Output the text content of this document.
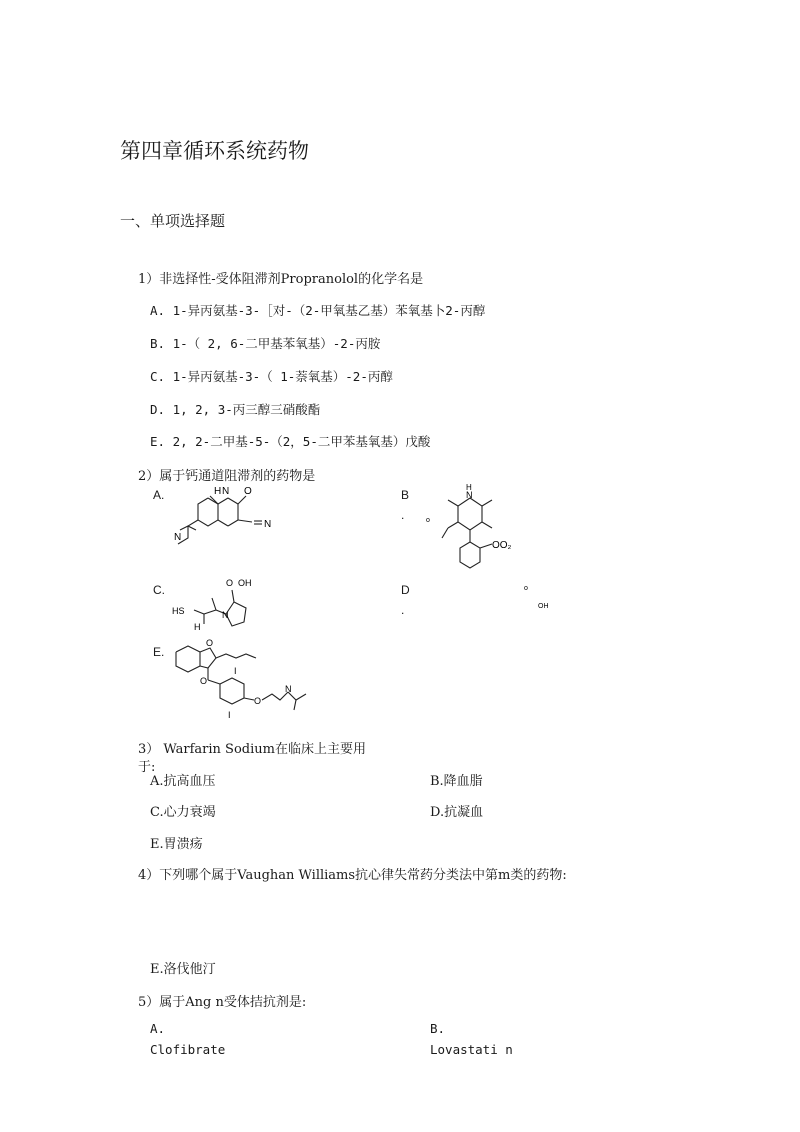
第四章循环系统药物
一、单项选择题
1）非选择性-受体阻滞剂Propranolol的化学名是
A. 1-异丙氨基-3-［对-（2-甲氧基乙基）苯氧基卜2-丙醇
B. 1-（ 2, 6-二甲基苯氧基）-2-丙胺
C. 1-异丙氨基-3-（ 1-萘氧基）-2-丙醇
D. 1, 2, 3-丙三醇三硝酸酯
E. 2, 2-二甲基-5-（2，5-二甲苯基氧基）戊酸
2）属于钙通道阻滞剂的药物是
A.	B
.
C.	D
.
E.
H N O
N
N
H
N
o
OO₂
O OH
HS
H
N
o
OH
O
I
I
O
N
O
3） Warfarin Sodium在临床上主要用
于:
A.抗高血压	B.降血脂
C.心力衰竭	D.抗凝血
E.胃溃疡
4）下列哪个属于Vaughan Williams抗心律失常药分类法中第m类的药物:
E.洛伐他汀
5）属于Ang n受体拮抗剂是:
A.
Clofibrate
B.
Lovastati n
